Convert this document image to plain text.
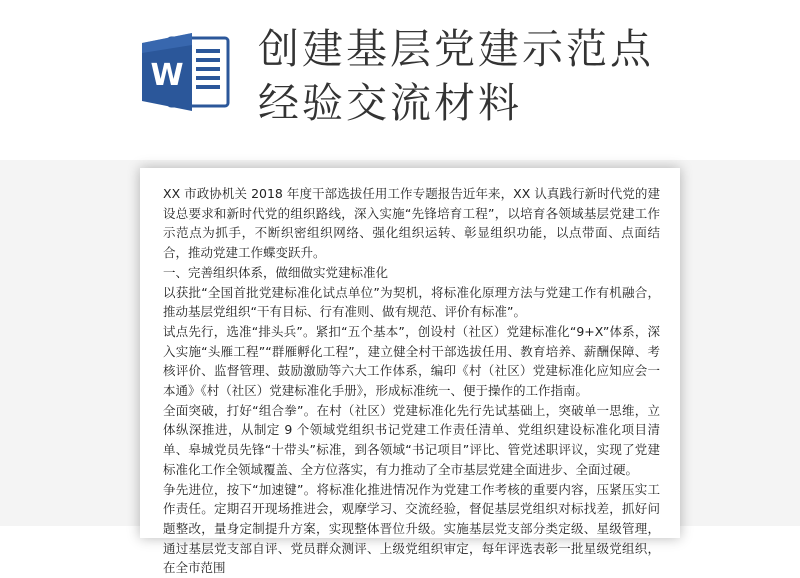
W
创建基层党建示范点
经验交流材料

XX 市政协机关 2018 年度干部选拔任用工作专题报告近年来，XX 认真践行新时代党的建设总要求和新时代党的组织路线，深入实施“先锋培育工程”，以培育各领域基层党建工作示范点为抓手，不断织密组织网络、强化组织运转、彰显组织功能，以点带面、点面结合，推动党建工作蝶变跃升。

一、完善组织体系，做细做实党建标准化

以获批“全国首批党建标准化试点单位”为契机，将标准化原理方法与党建工作有机融合，推动基层党组织“干有目标、行有准则、做有规范、评价有标准”。

试点先行，选准“排头兵”。紧扣“五个基本”，创设村（社区）党建标准化“9+X”体系，深入实施“头雁工程”“群雁孵化工程”，建立健全村干部选拔任用、教育培养、薪酬保障、考核评价、监督管理、鼓励激励等六大工作体系，编印《村（社区）党建标准化应知应会一本通》《村（社区）党建标准化手册》，形成标准统一、便于操作的工作指南。

全面突破，打好“组合拳”。在村（社区）党建标准化先行先试基础上，突破单一思维，立体纵深推进，从制定 9 个领域党组织书记党建工作责任清单、党组织建设标准化项目清单、皋城党员先锋“十带头”标准，到各领域“书记项目”评比、管党述职评议，实现了党建标准化工作全领域覆盖、全方位落实，有力推动了全市基层党建全面进步、全面过硬。

争先进位，按下“加速键”。将标准化推进情况作为党建工作考核的重要内容，压紧压实工作责任。定期召开现场推进会，观摩学习、交流经验，督促基层党组织对标找差，抓好问题整改，量身定制提升方案，实现整体晋位升级。实施基层党支部分类定级、星级管理，通过基层党支部自评、党员群众测评、上级党组织审定，每年评选表彰一批星级党组织，在全市范围
